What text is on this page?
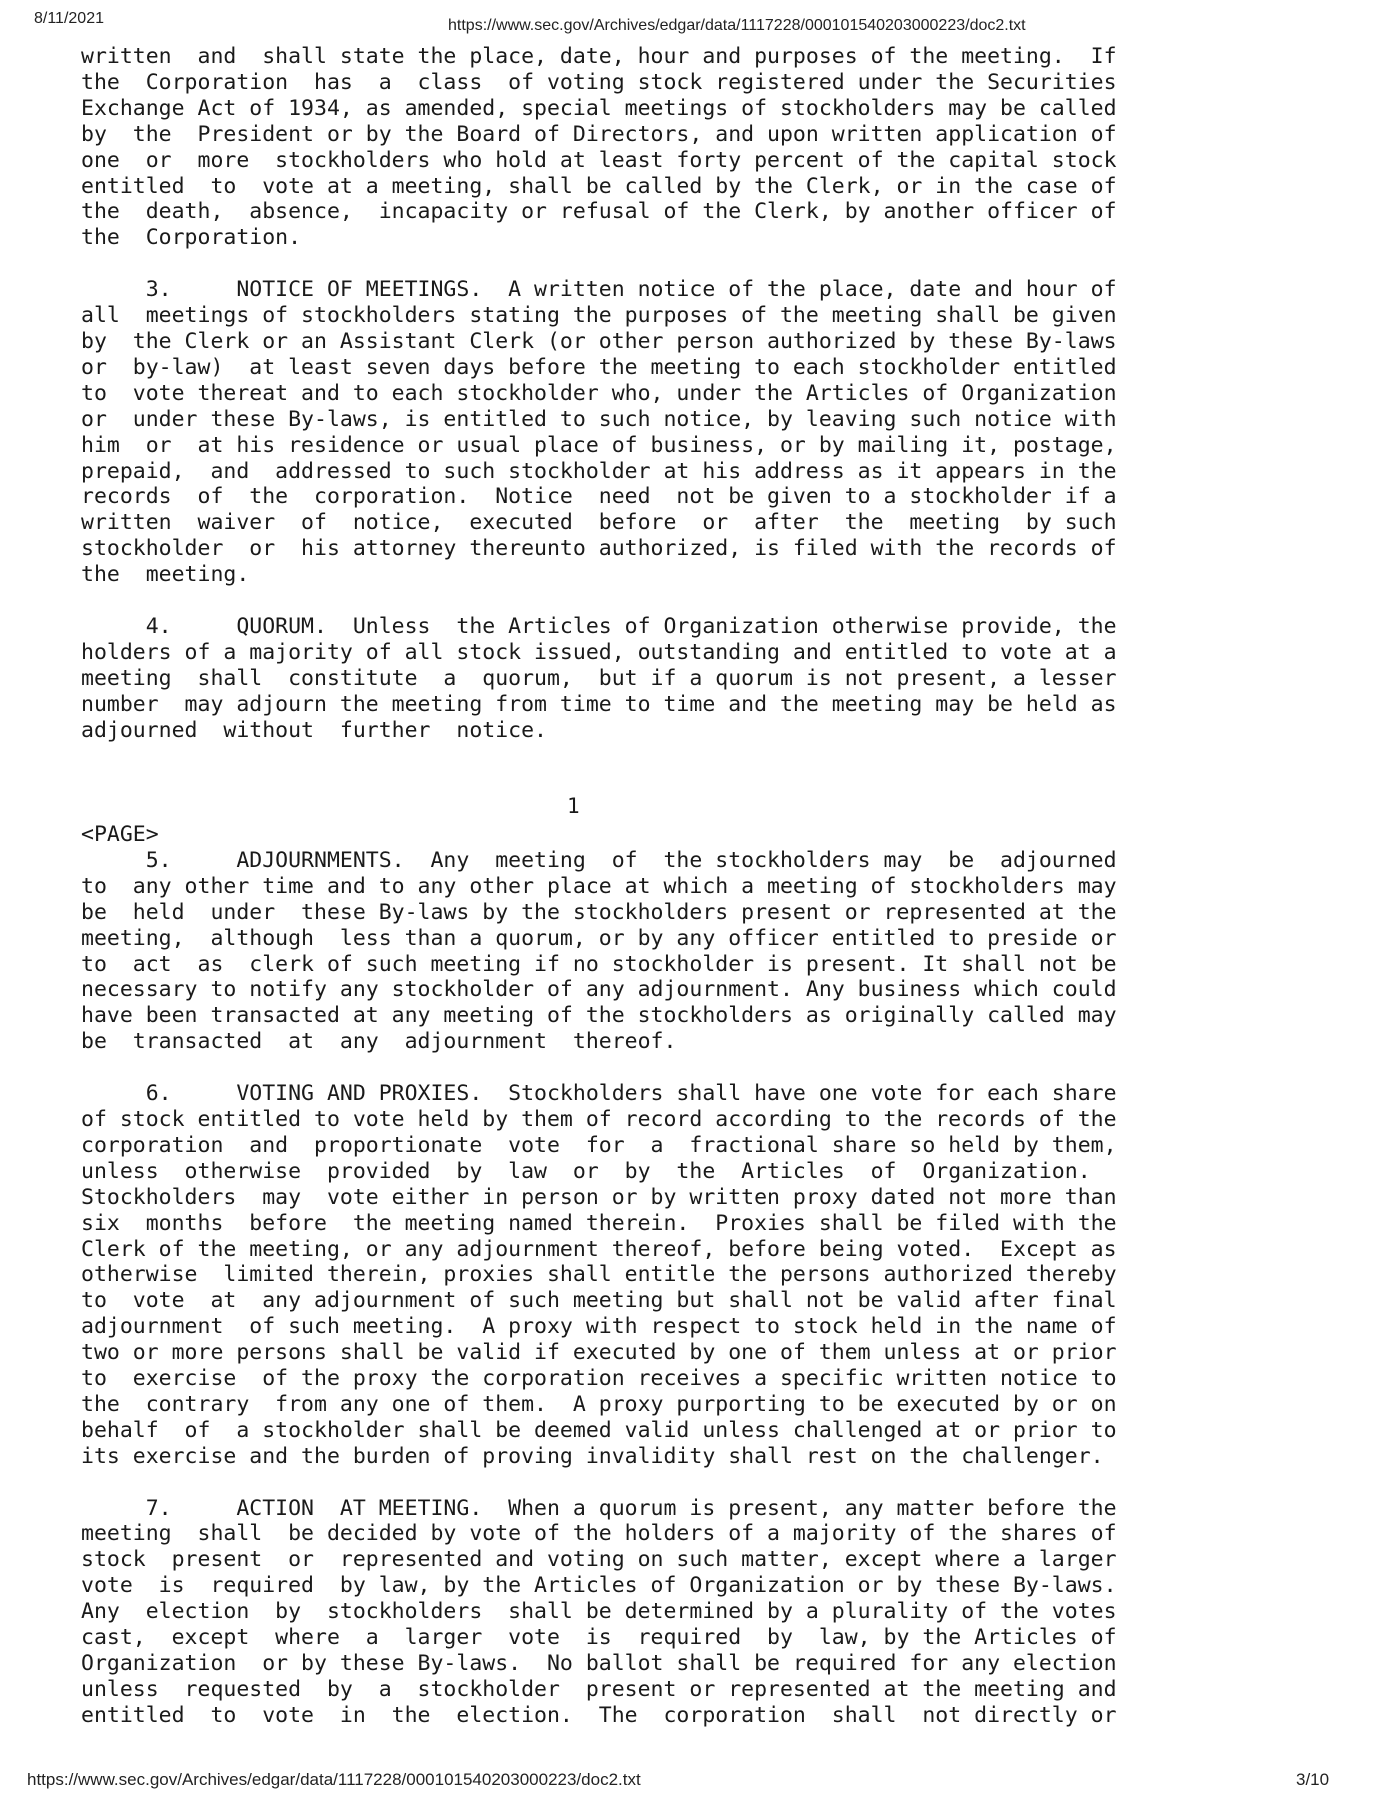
8/11/2021	https://www.sec.gov/Archives/edgar/data/1117228/000101540203000223/doc2.txt
written  and  shall state the place, date, hour and purposes of the meeting.  If
the  Corporation  has  a  class  of voting stock registered under the Securities
Exchange Act of 1934, as amended, special meetings of stockholders may be called
by  the  President or by the Board of Directors, and upon written application of
one  or  more  stockholders who hold at least forty percent of the capital stock
entitled  to  vote at a meeting, shall be called by the Clerk, or in the case of
the  death,  absence,  incapacity or refusal of the Clerk, by another officer of
the  Corporation.

3.     NOTICE OF MEETINGS.  A written notice of the place, date and hour of
all  meetings of stockholders stating the purposes of the meeting shall be given
by  the Clerk or an Assistant Clerk (or other person authorized by these By-laws
or  by-law)  at least seven days before the meeting to each stockholder entitled
to  vote thereat and to each stockholder who, under the Articles of Organization
or  under these By-laws, is entitled to such notice, by leaving such notice with
him  or  at his residence or usual place of business, or by mailing it, postage,
prepaid,  and  addressed to such stockholder at his address as it appears in the
records  of  the  corporation.  Notice  need  not be given to a stockholder if a
written  waiver  of  notice,  executed  before  or  after  the  meeting  by such
stockholder  or  his attorney thereunto authorized, is filed with the records of
the  meeting.

4.     QUORUM.  Unless  the Articles of Organization otherwise provide, the
holders of a majority of all stock issued, outstanding and entitled to vote at a
meeting  shall  constitute  a  quorum,  but if a quorum is not present, a lesser
number  may adjourn the meeting from time to time and the meeting may be held as
adjourned  without  further  notice.
1
<PAGE>
5.     ADJOURNMENTS.  Any  meeting  of  the stockholders may  be  adjourned
to  any other time and to any other place at which a meeting of stockholders may
be  held  under  these By-laws by the stockholders present or represented at the
meeting,  although  less than a quorum, or by any officer entitled to preside or
to  act  as  clerk of such meeting if no stockholder is present. It shall not be
necessary to notify any stockholder of any adjournment. Any business which could
have been transacted at any meeting of the stockholders as originally called may
be  transacted  at  any  adjournment  thereof.

6.     VOTING AND PROXIES.  Stockholders shall have one vote for each share
of stock entitled to vote held by them of record according to the records of the
corporation  and  proportionate  vote  for  a  fractional share so held by them,
unless  otherwise  provided  by  law  or  by  the  Articles  of  Organization.
Stockholders  may  vote either in person or by written proxy dated not more than
six  months  before  the meeting named therein.  Proxies shall be filed with the
Clerk of the meeting, or any adjournment thereof, before being voted.  Except as
otherwise  limited therein, proxies shall entitle the persons authorized thereby
to  vote  at  any adjournment of such meeting but shall not be valid after final
adjournment  of such meeting.  A proxy with respect to stock held in the name of
two or more persons shall be valid if executed by one of them unless at or prior
to  exercise  of the proxy the corporation receives a specific written notice to
the  contrary  from any one of them.  A proxy purporting to be executed by or on
behalf  of  a stockholder shall be deemed valid unless challenged at or prior to
its exercise and the burden of proving invalidity shall rest on the challenger.

7.     ACTION  AT MEETING.  When a quorum is present, any matter before the
meeting  shall  be decided by vote of the holders of a majority of the shares of
stock  present  or  represented and voting on such matter, except where a larger
vote  is  required  by law, by the Articles of Organization or by these By-laws.
Any  election  by  stockholders  shall be determined by a plurality of the votes
cast,  except  where  a  larger  vote  is  required  by  law, by the Articles of
Organization  or by these By-laws.  No ballot shall be required for any election
unless  requested  by  a  stockholder  present or represented at the meeting and
entitled  to  vote  in  the  election.  The  corporation  shall  not directly or
https://www.sec.gov/Archives/edgar/data/1117228/000101540203000223/doc2.txt	3/10
